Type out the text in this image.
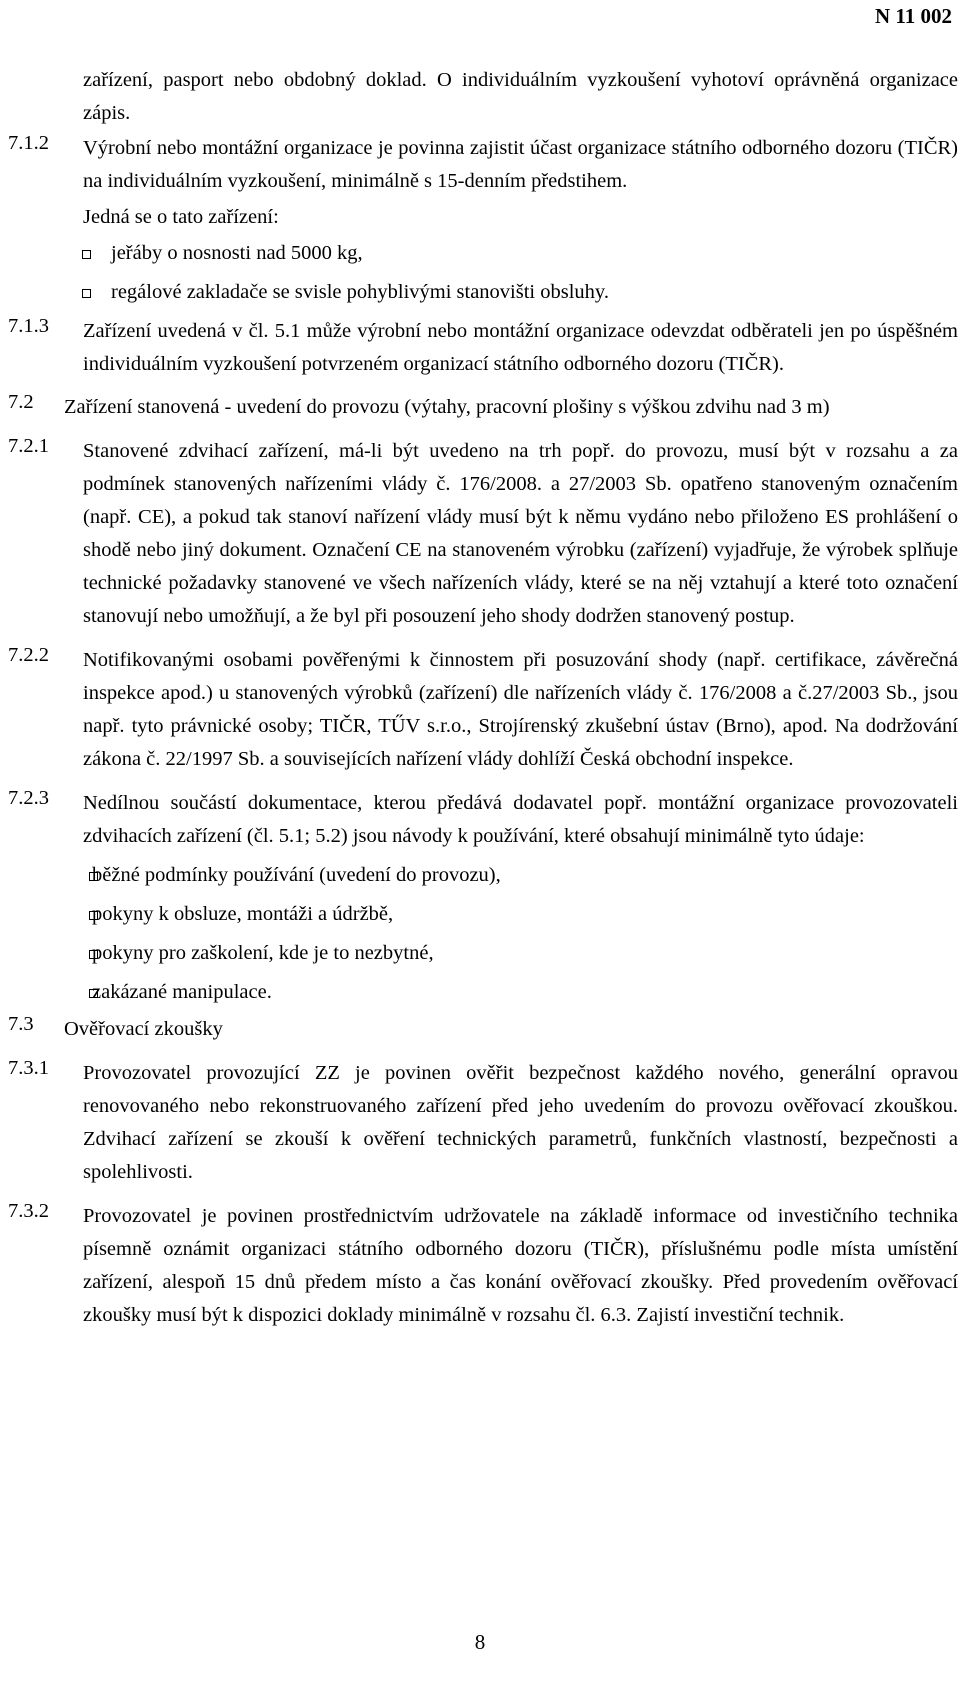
N 11 002

zařízení, pasport nebo obdobný doklad. O individuálním vyzkoušení vyhotoví oprávněná organizace zápis.

7.1.2 Výrobní nebo montážní organizace je povinna zajistit účast organizace státního odborného dozoru (TIČR) na individuálním vyzkoušení, minimálně s 15-denním předstihem.

Jedná se o tato zařízení:

jeřáby o nosnosti nad 5000 kg,
regálové zakladače se svisle pohyblivými stanovišti obsluhy.
7.1.3 Zařízení uvedená v čl. 5.1 může výrobní nebo montážní organizace odevzdat odběrateli jen po úspěšném individuálním vyzkoušení potvrzeném organizací státního odborného dozoru (TIČR).

7.2 Zařízení stanovená - uvedení do provozu (výtahy, pracovní plošiny s výškou zdvihu nad 3 m)

7.2.1 Stanovené zdvihací zařízení, má-li být uvedeno na trh popř. do provozu, musí být v rozsahu a za podmínek stanovených nařízeními vlády č. 176/2008. a 27/2003 Sb. opatřeno stanoveným označením (např. CE), a pokud tak stanoví nařízení vlády musí být k němu vydáno nebo přiloženo ES prohlášení o shodě nebo jiný dokument. Označení CE na stanoveném výrobku (zařízení) vyjadřuje, že výrobek splňuje technické požadavky stanovené ve všech nařízeních vlády, které se na něj vztahují a které toto označení stanovují nebo umožňují, a že byl při posouzení jeho shody dodržen stanovený postup.

7.2.2 Notifikovanými osobami pověřenými k činnostem při posuzování shody (např. certifikace, závěrečná inspekce apod.) u stanovených výrobků (zařízení) dle nařízeních vlády č. 176/2008 a č.27/2003 Sb., jsou např. tyto právnické osoby; TIČR, TŰV s.r.o., Strojírenský zkušební ústav (Brno), apod. Na dodržování zákona č. 22/1997 Sb. a souvisejících nařízení vlády dohlíží Česká obchodní inspekce.

7.2.3 Nedílnou součástí dokumentace, kterou předává dodavatel popř. montážní organizace provozovateli zdvihacích zařízení (čl. 5.1; 5.2) jsou návody k používání, které obsahují minimálně tyto údaje:

běžné podmínky používání (uvedení do provozu),
pokyny k obsluze, montáži a údržbě,
pokyny pro zaškolení, kde je to nezbytné,
zakázané manipulace.
7.3 Ověřovací zkoušky

7.3.1 Provozovatel provozující ZZ je povinen ověřit bezpečnost každého nového, generální opravou renovovaného nebo rekonstruovaného zařízení před jeho uvedením do provozu ověřovací zkouškou. Zdvihací zařízení se zkouší k ověření technických parametrů, funkčních vlastností, bezpečnosti a spolehlivosti.

7.3.2 Provozovatel je povinen prostřednictvím udržovatele na základě informace od investičního technika písemně oznámit organizaci státního odborného dozoru (TIČR), příslušnému podle místa umístění zařízení, alespoň 15 dnů předem místo a čas konání ověřovací zkoušky. Před provedením ověřovací zkoušky musí být k dispozici doklady minimálně v rozsahu čl. 6.3. Zajistí investiční technik.

8
